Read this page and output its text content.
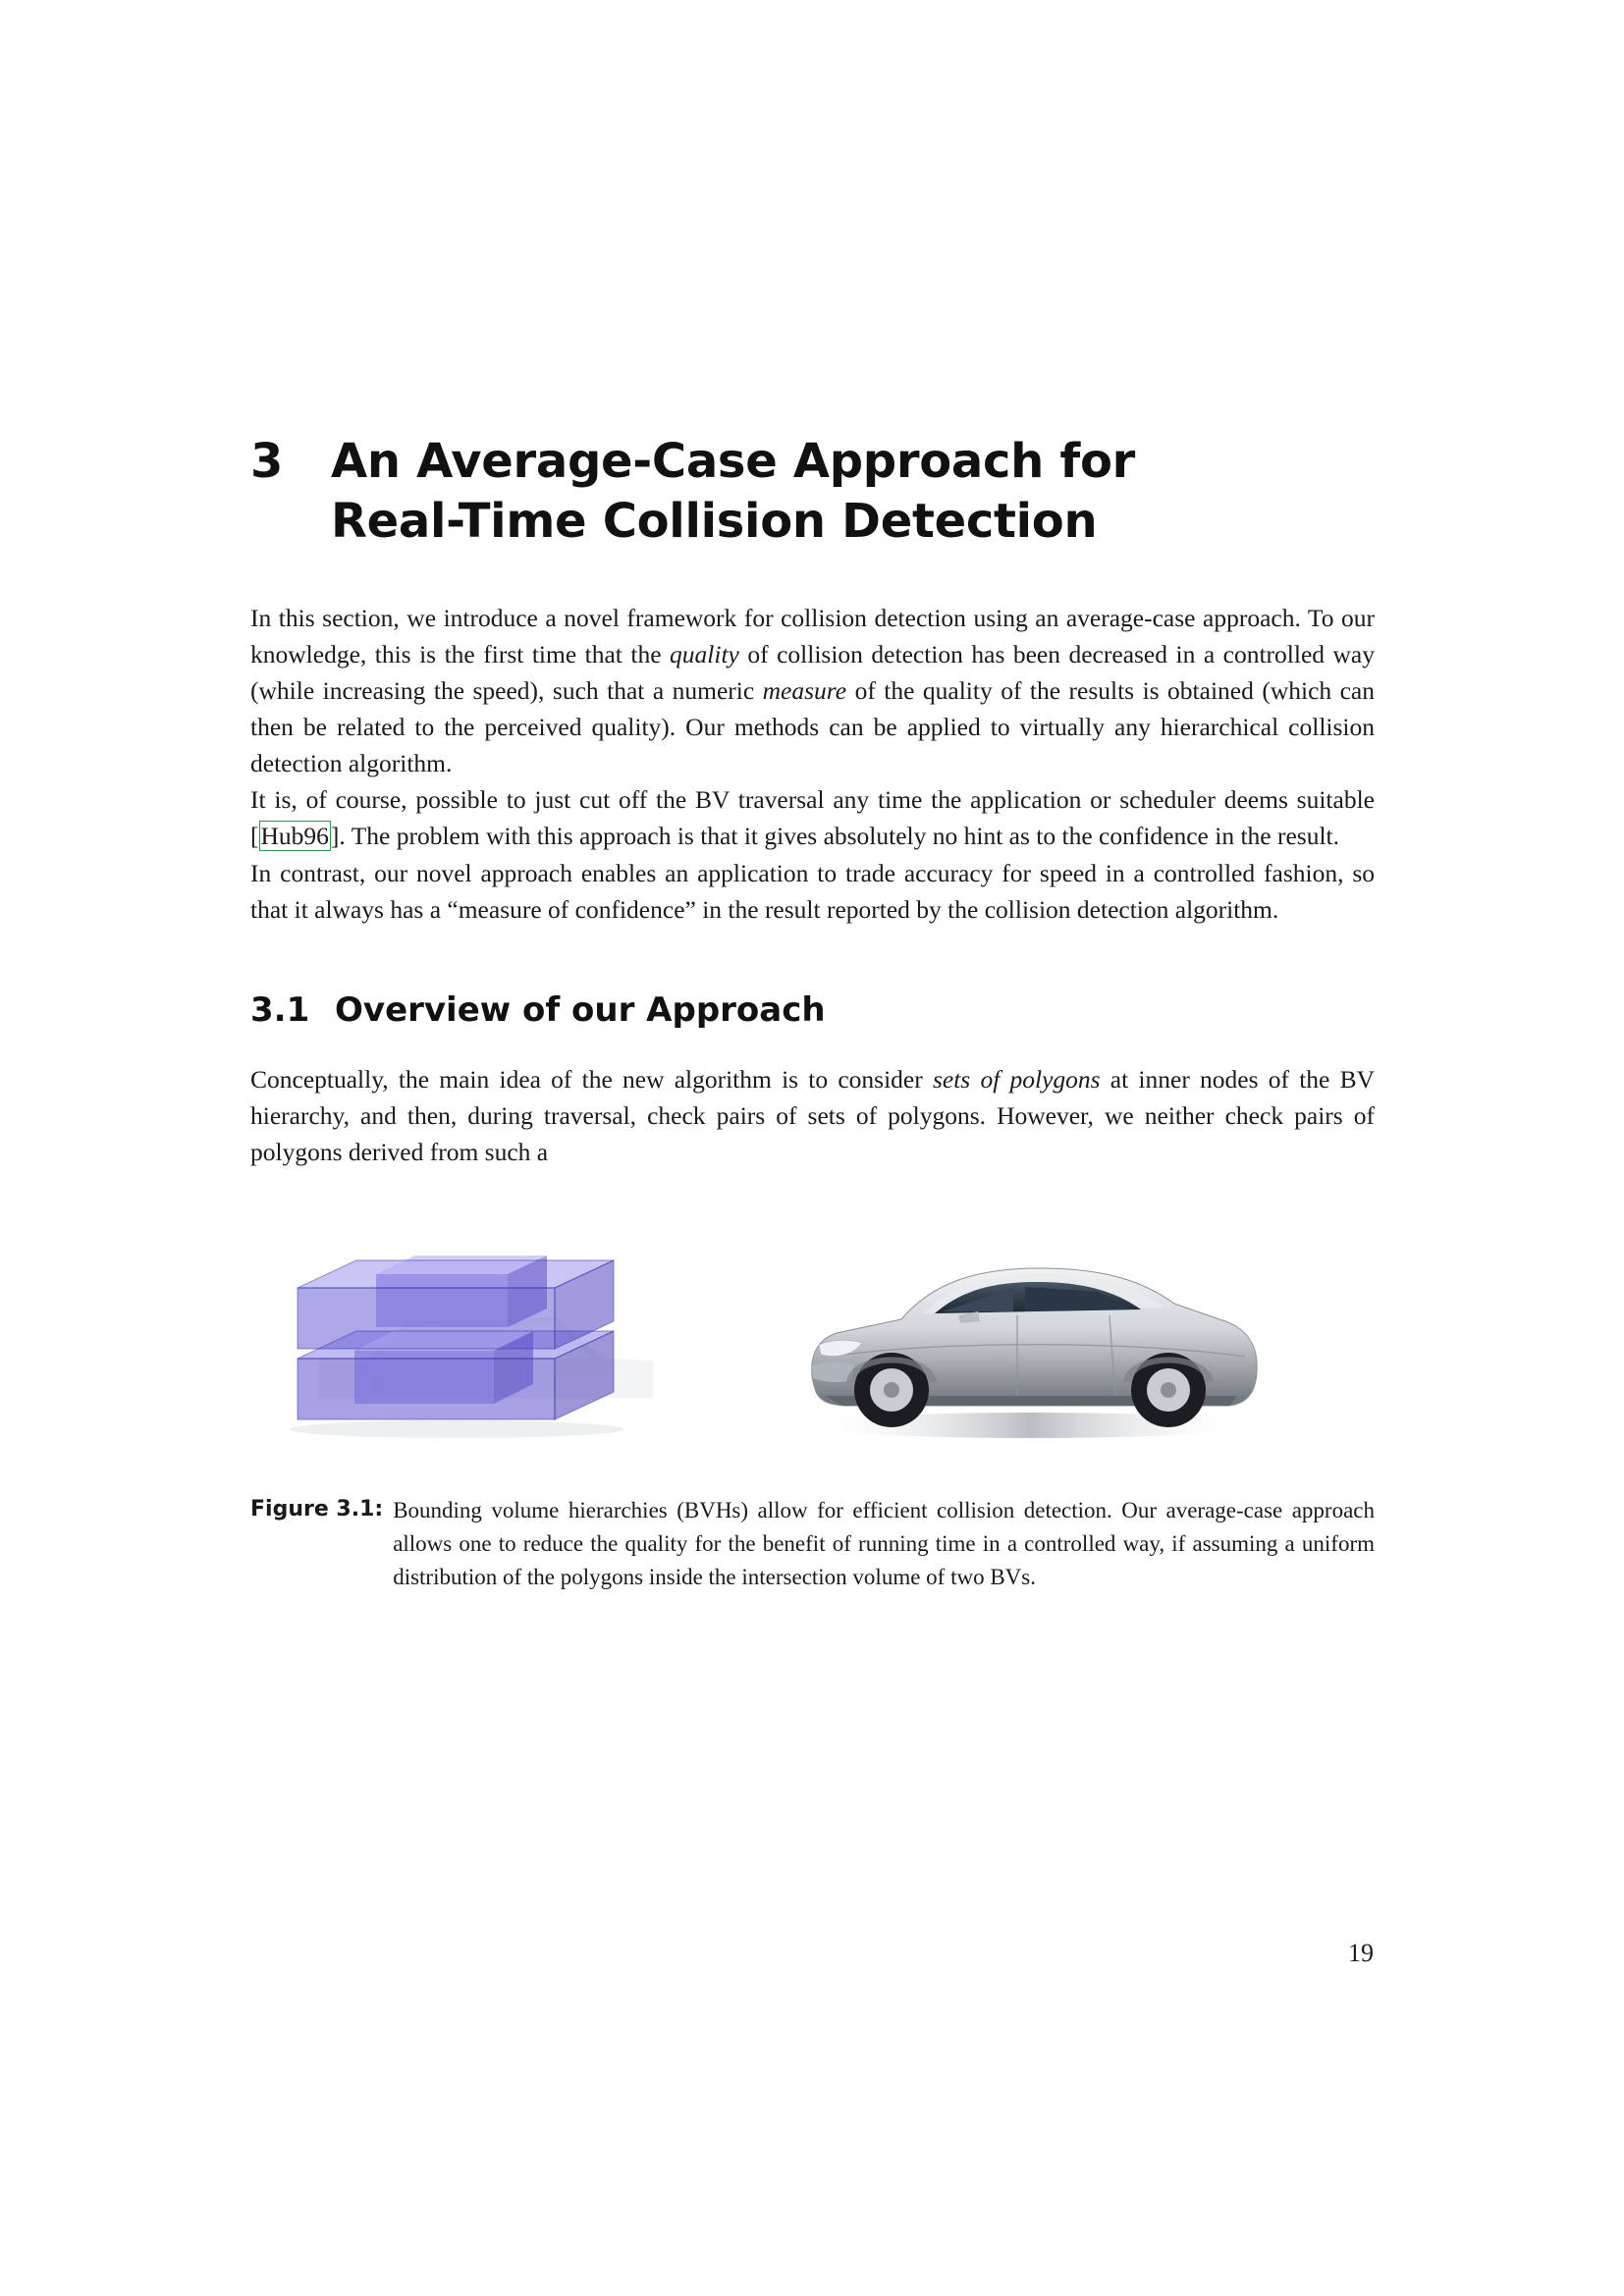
3	An Average-Case Approach for
Real-Time Collision Detection

In this section, we introduce a novel framework for collision detection using an average-case approach. To our knowledge, this is the first time that the quality of collision detection has been decreased in a controlled way (while increasing the speed), such that a numeric measure of the quality of the results is obtained (which can then be related to the perceived quality). Our methods can be applied to virtually any hierarchical collision detection algorithm.

It is, of course, possible to just cut off the BV traversal any time the application or scheduler deems suitable [Hub96]. The problem with this approach is that it gives absolutely no hint as to the confidence in the result.

In contrast, our novel approach enables an application to trade accuracy for speed in a controlled fashion, so that it always has a “measure of confidence” in the result reported by the collision detection algorithm.

3.1 Overview of our Approach

Conceptually, the main idea of the new algorithm is to consider sets of polygons at inner nodes of the BV hierarchy, and then, during traversal, check pairs of sets of polygons. However, we neither check pairs of polygons derived from such a

Figure 3.1: Bounding volume hierarchies (BVHs) allow for efficient collision detection. Our average-case approach allows one to reduce the quality for the benefit of running time in a controlled way, if assuming a uniform distribution of the polygons inside the intersection volume of two BVs.
19
